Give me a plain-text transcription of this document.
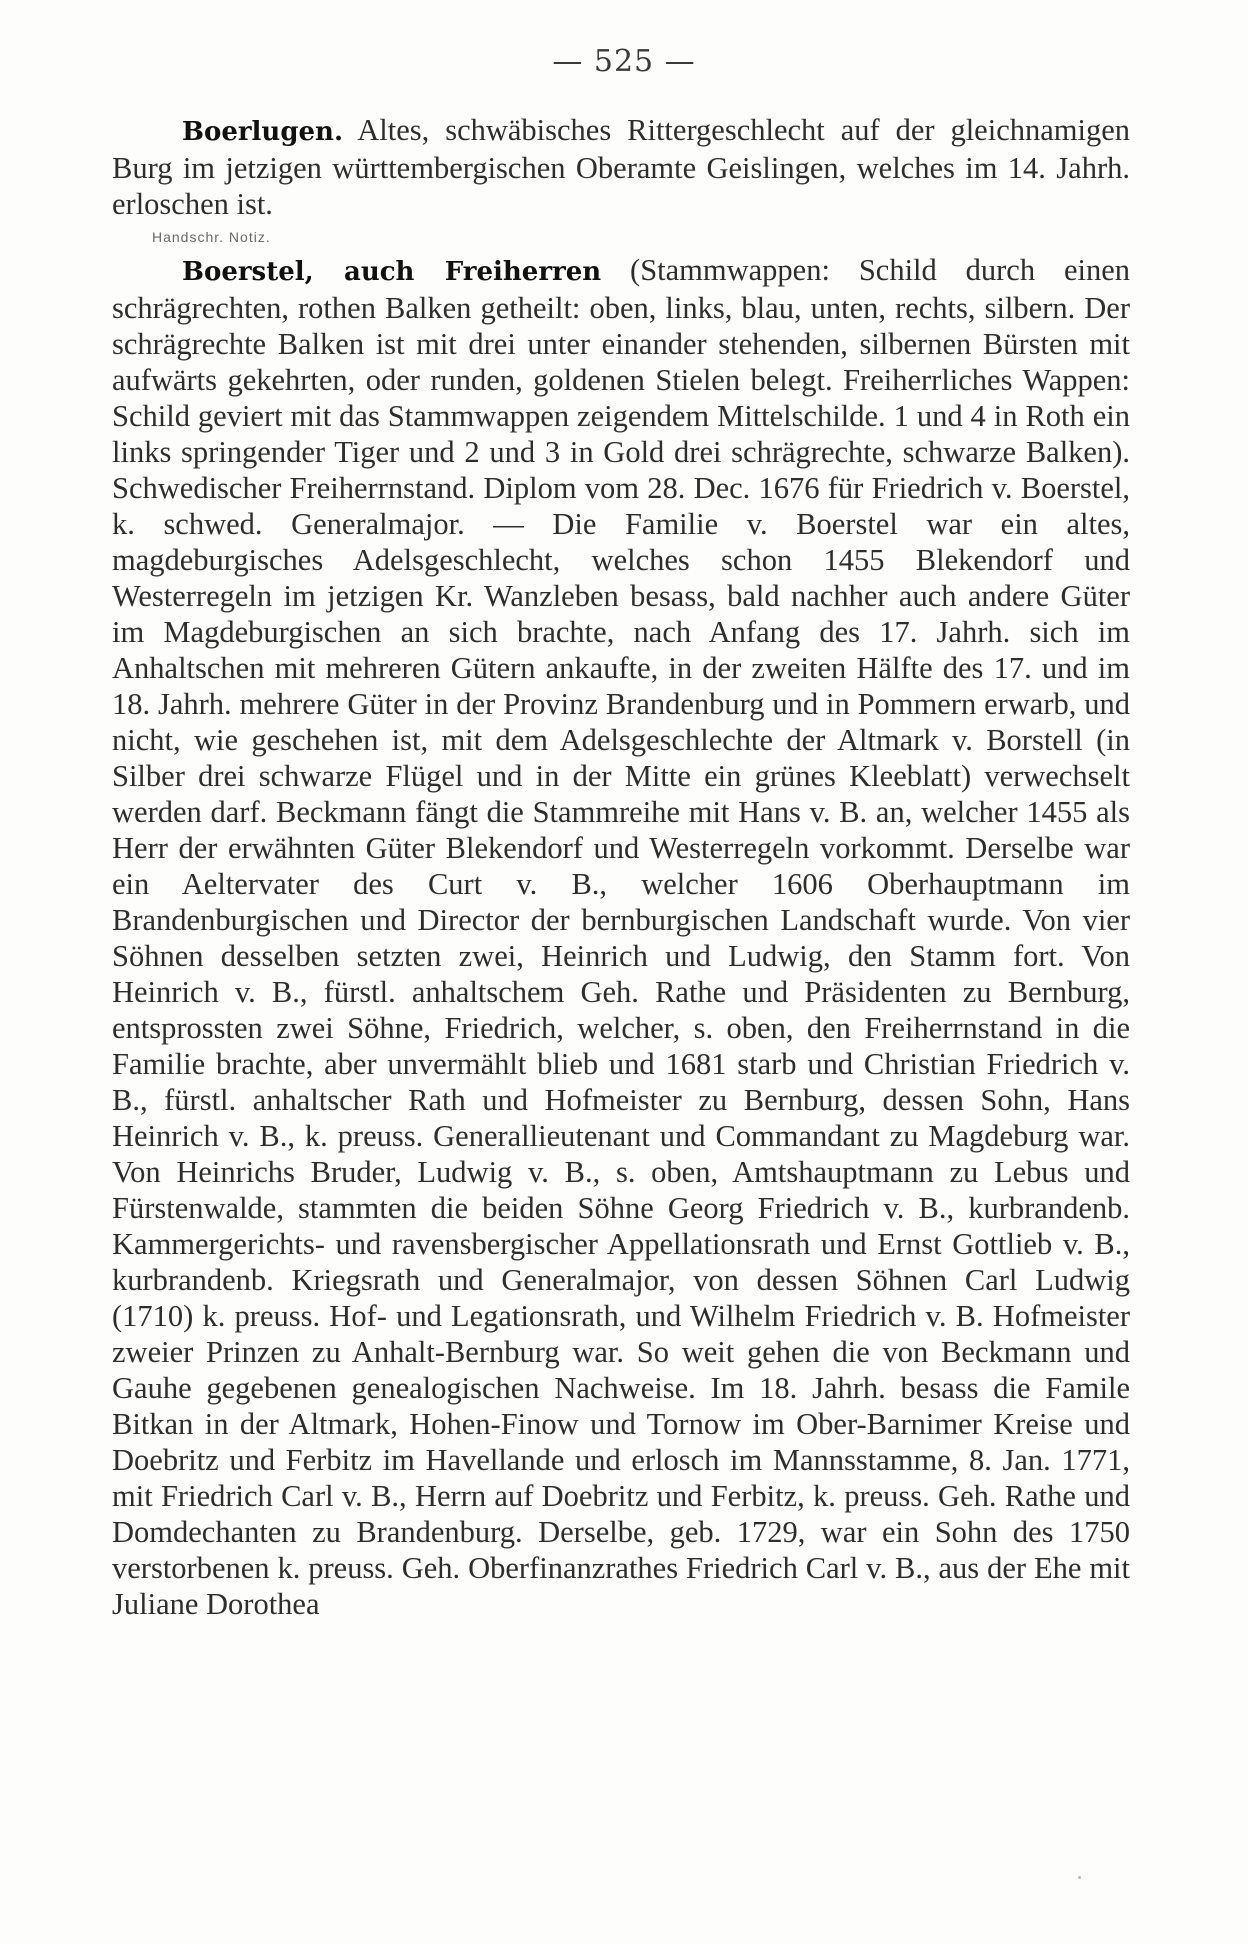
— 525 —

Boerlugen. Altes, schwäbisches Rittergeschlecht auf der gleichnamigen Burg im jetzigen württembergischen Oberamte Geislingen, welches im 14. Jahrh. erloschen ist.

Handschr. Notiz.

Boerstel, auch Freiherren (Stammwappen: Schild durch einen schrägrechten, rothen Balken getheilt: oben, links, blau, unten, rechts, silbern. Der schrägrechte Balken ist mit drei unter einander stehenden, silbernen Bürsten mit aufwärts gekehrten, oder runden, goldenen Stielen belegt. Freiherrliches Wappen: Schild geviert mit das Stammwappen zeigendem Mittelschilde. 1 und 4 in Roth ein links springender Tiger und 2 und 3 in Gold drei schrägrechte, schwarze Balken). Schwedischer Freiherrnstand. Diplom vom 28. Dec. 1676 für Friedrich v. Boerstel, k. schwed. Generalmajor. — Die Familie v. Boerstel war ein altes, magdeburgisches Adelsgeschlecht, welches schon 1455 Blekendorf und Westerregeln im jetzigen Kr. Wanzleben besass, bald nachher auch andere Güter im Magdeburgischen an sich brachte, nach Anfang des 17. Jahrh. sich im Anhaltschen mit mehreren Gütern ankaufte, in der zweiten Hälfte des 17. und im 18. Jahrh. mehrere Güter in der Provinz Brandenburg und in Pommern erwarb, und nicht, wie geschehen ist, mit dem Adelsgeschlechte der Altmark v. Borstell (in Silber drei schwarze Flügel und in der Mitte ein grünes Kleeblatt) verwechselt werden darf. Beckmann fängt die Stammreihe mit Hans v. B. an, welcher 1455 als Herr der erwähnten Güter Blekendorf und Westerregeln vorkommt. Derselbe war ein Aeltervater des Curt v. B., welcher 1606 Oberhauptmann im Brandenburgischen und Director der bernburgischen Landschaft wurde. Von vier Söhnen desselben setzten zwei, Heinrich und Ludwig, den Stamm fort. Von Heinrich v. B., fürstl. anhaltschem Geh. Rathe und Präsidenten zu Bernburg, entsprossten zwei Söhne, Friedrich, welcher, s. oben, den Freiherrnstand in die Familie brachte, aber unvermählt blieb und 1681 starb und Christian Friedrich v. B., fürstl. anhaltscher Rath und Hofmeister zu Bernburg, dessen Sohn, Hans Heinrich v. B., k. preuss. Generallieutenant und Commandant zu Magdeburg war. Von Heinrichs Bruder, Ludwig v. B., s. oben, Amtshauptmann zu Lebus und Fürstenwalde, stammten die beiden Söhne Georg Friedrich v. B., kurbrandenb. Kammergerichts- und ravensbergischer Appellationsrath und Ernst Gottlieb v. B., kurbrandenb. Kriegsrath und Generalmajor, von dessen Söhnen Carl Ludwig (1710) k. preuss. Hof- und Legationsrath, und Wilhelm Friedrich v. B. Hofmeister zweier Prinzen zu Anhalt-Bernburg war. So weit gehen die von Beckmann und Gauhe gegebenen genealogischen Nachweise. Im 18. Jahrh. besass die Famile Bitkan in der Altmark, Hohen-Finow und Tornow im Ober-Barnimer Kreise und Doebritz und Ferbitz im Havellande und erlosch im Mannsstamme, 8. Jan. 1771, mit Friedrich Carl v. B., Herrn auf Doebritz und Ferbitz, k. preuss. Geh. Rathe und Domdechanten zu Brandenburg. Derselbe, geb. 1729, war ein Sohn des 1750 verstorbenen k. preuss. Geh. Oberfinanzrathes Friedrich Carl v. B., aus der Ehe mit Juliane Dorothea
